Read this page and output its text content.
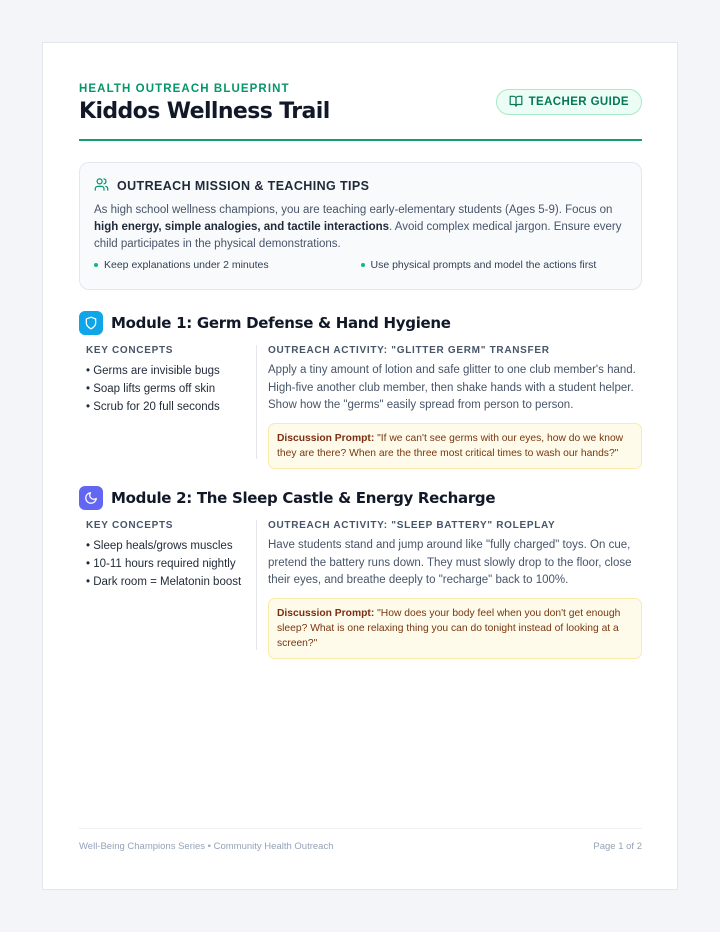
HEALTH OUTREACH BLUEPRINT
Kiddos Wellness Trail	TEACHER GUIDE
OUTREACH MISSION & TEACHING TIPS

As high school wellness champions, you are teaching early-elementary students (Ages 5-9). Focus on high energy, simple analogies, and tactile interactions. Avoid complex medical jargon. Ensure every child participates in the physical demonstrations.

Keep explanations under 2 minutes	Use physical prompts and model the actions first
Module 1: Germ Defense & Hand Hygiene
KEY CONCEPTS
• Germs are invisible bugs
• Soap lifts germs off skin
• Scrub for 20 full seconds
OUTREACH ACTIVITY: "GLITTER GERM" TRANSFER

Apply a tiny amount of lotion and safe glitter to one club member's hand. High-five another club member, then shake hands with a student helper. Show how the "germs" easily spread from person to person.

Discussion Prompt: "If we can't see germs with our eyes, how do we know they are there? When are the three most critical times to wash our hands?"
Module 2: The Sleep Castle & Energy Recharge
KEY CONCEPTS
• Sleep heals/grows muscles
• 10-11 hours required nightly
• Dark room = Melatonin boost
OUTREACH ACTIVITY: "SLEEP BATTERY" ROLEPLAY

Have students stand and jump around like "fully charged" toys. On cue, pretend the battery runs down. They must slowly drop to the floor, close their eyes, and breathe deeply to "recharge" back to 100%.

Discussion Prompt: "How does your body feel when you don't get enough sleep? What is one relaxing thing you can do tonight instead of looking at a screen?"
Well-Being Champions Series • Community Health Outreach	Page 1 of 2
